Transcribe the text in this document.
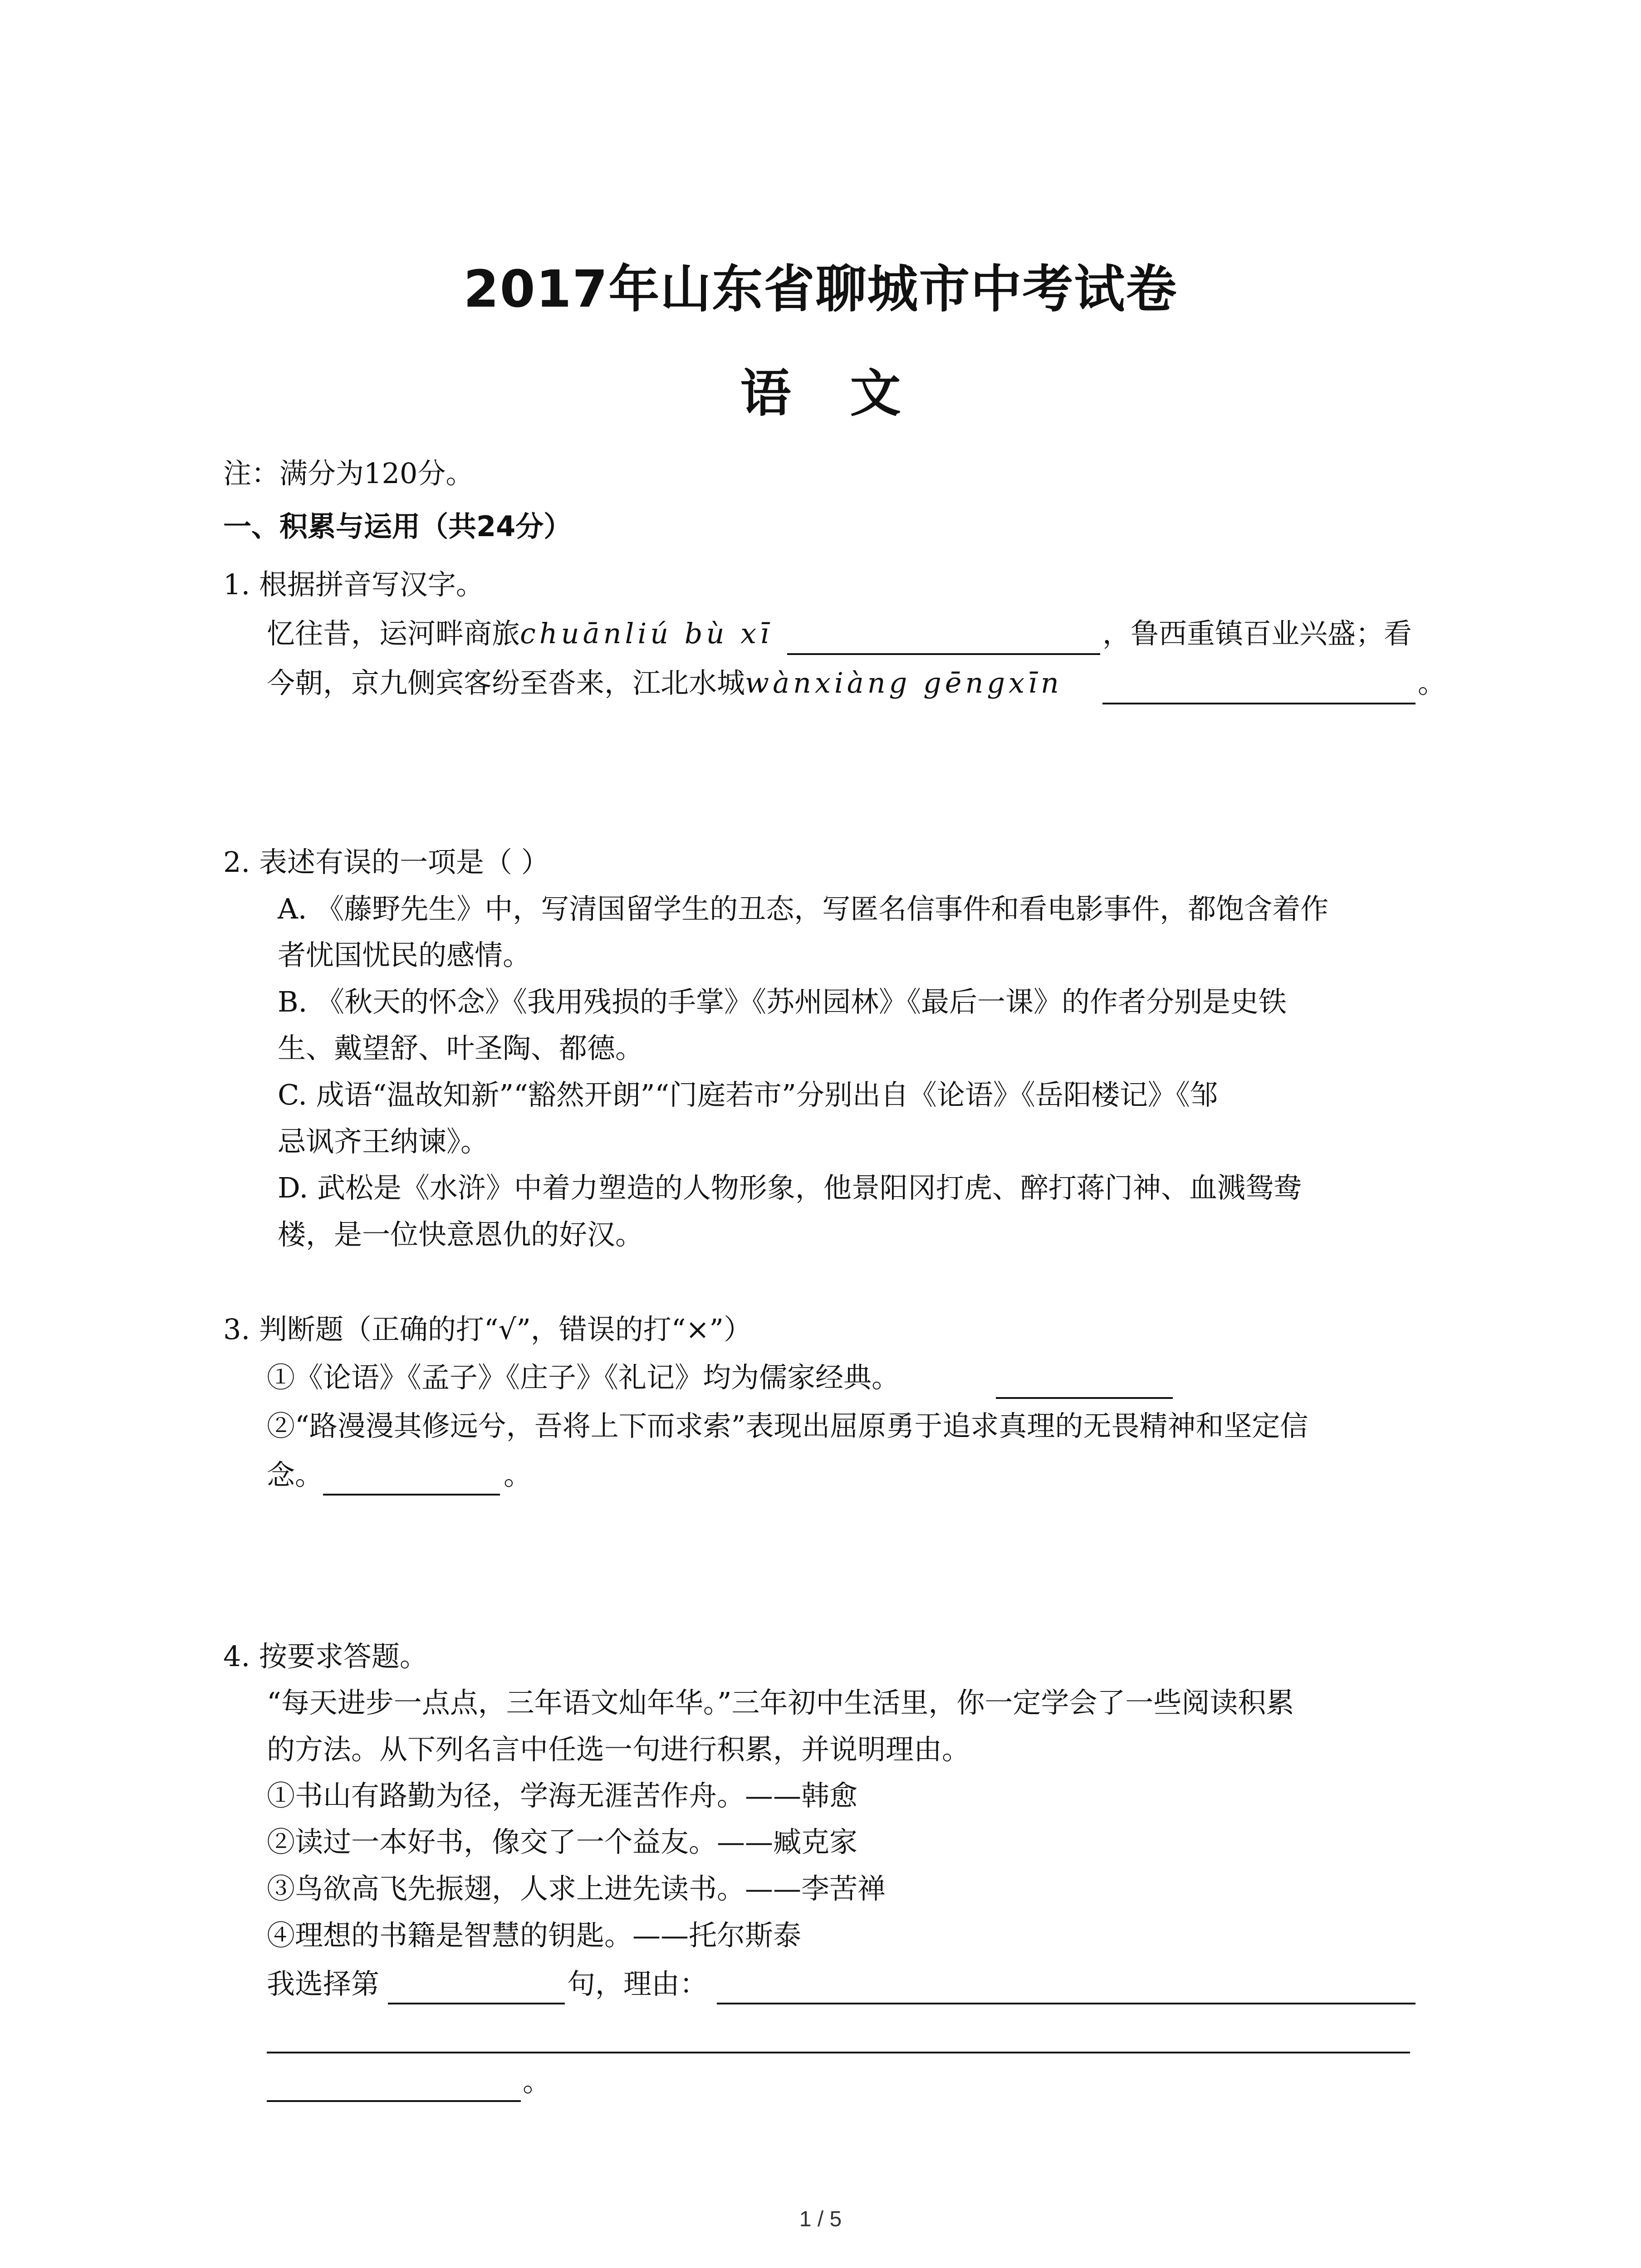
2017年山东省聊城市中考试卷
语 文
注：满分为120分。
一、积累与运用（共24分）
1. 根据拼音写汉字。
忆往昔，运河畔商旅chuānliú bù xī	，鲁西重镇百业兴盛；看
今朝，京九侧宾客纷至沓来，江北水城wànxiàng gēngxīn	。
2. 表述有误的一项是（ ）
A. 《藤野先生》中，写清国留学生的丑态，写匿名信事件和看电影事件，都饱含着作
者忧国忧民的感情。
B. 《秋天的怀念》《我用残损的手掌》《苏州园林》《最后一课》的作者分别是史铁
生、戴望舒、叶圣陶、都德。
C. 成语“温故知新”“豁然开朗”“门庭若市”分别出自《论语》《岳阳楼记》《邹
忌讽齐王纳谏》。
D. 武松是《水浒》中着力塑造的人物形象，他景阳冈打虎、醉打蒋门神、血溅鸳鸯
楼，是一位快意恩仇的好汉。
3. 判断题（正确的打“√”，错误的打“×”）
①《论语》《孟子》《庄子》《礼记》均为儒家经典。
②“路漫漫其修远兮，吾将上下而求索”表现出屈原勇于追求真理的无畏精神和坚定信
念。	。
4. 按要求答题。
“每天进步一点点，三年语文灿年华。”三年初中生活里，你一定学会了一些阅读积累
的方法。从下列名言中任选一句进行积累，并说明理由。
①书山有路勤为径，学海无涯苦作舟。——韩愈
②读过一本好书，像交了一个益友。——臧克家
③鸟欲高飞先振翅，人求上进先读书。——李苦禅
④理想的书籍是智慧的钥匙。——托尔斯泰
我选择第	句，理由：
。
1 / 5
